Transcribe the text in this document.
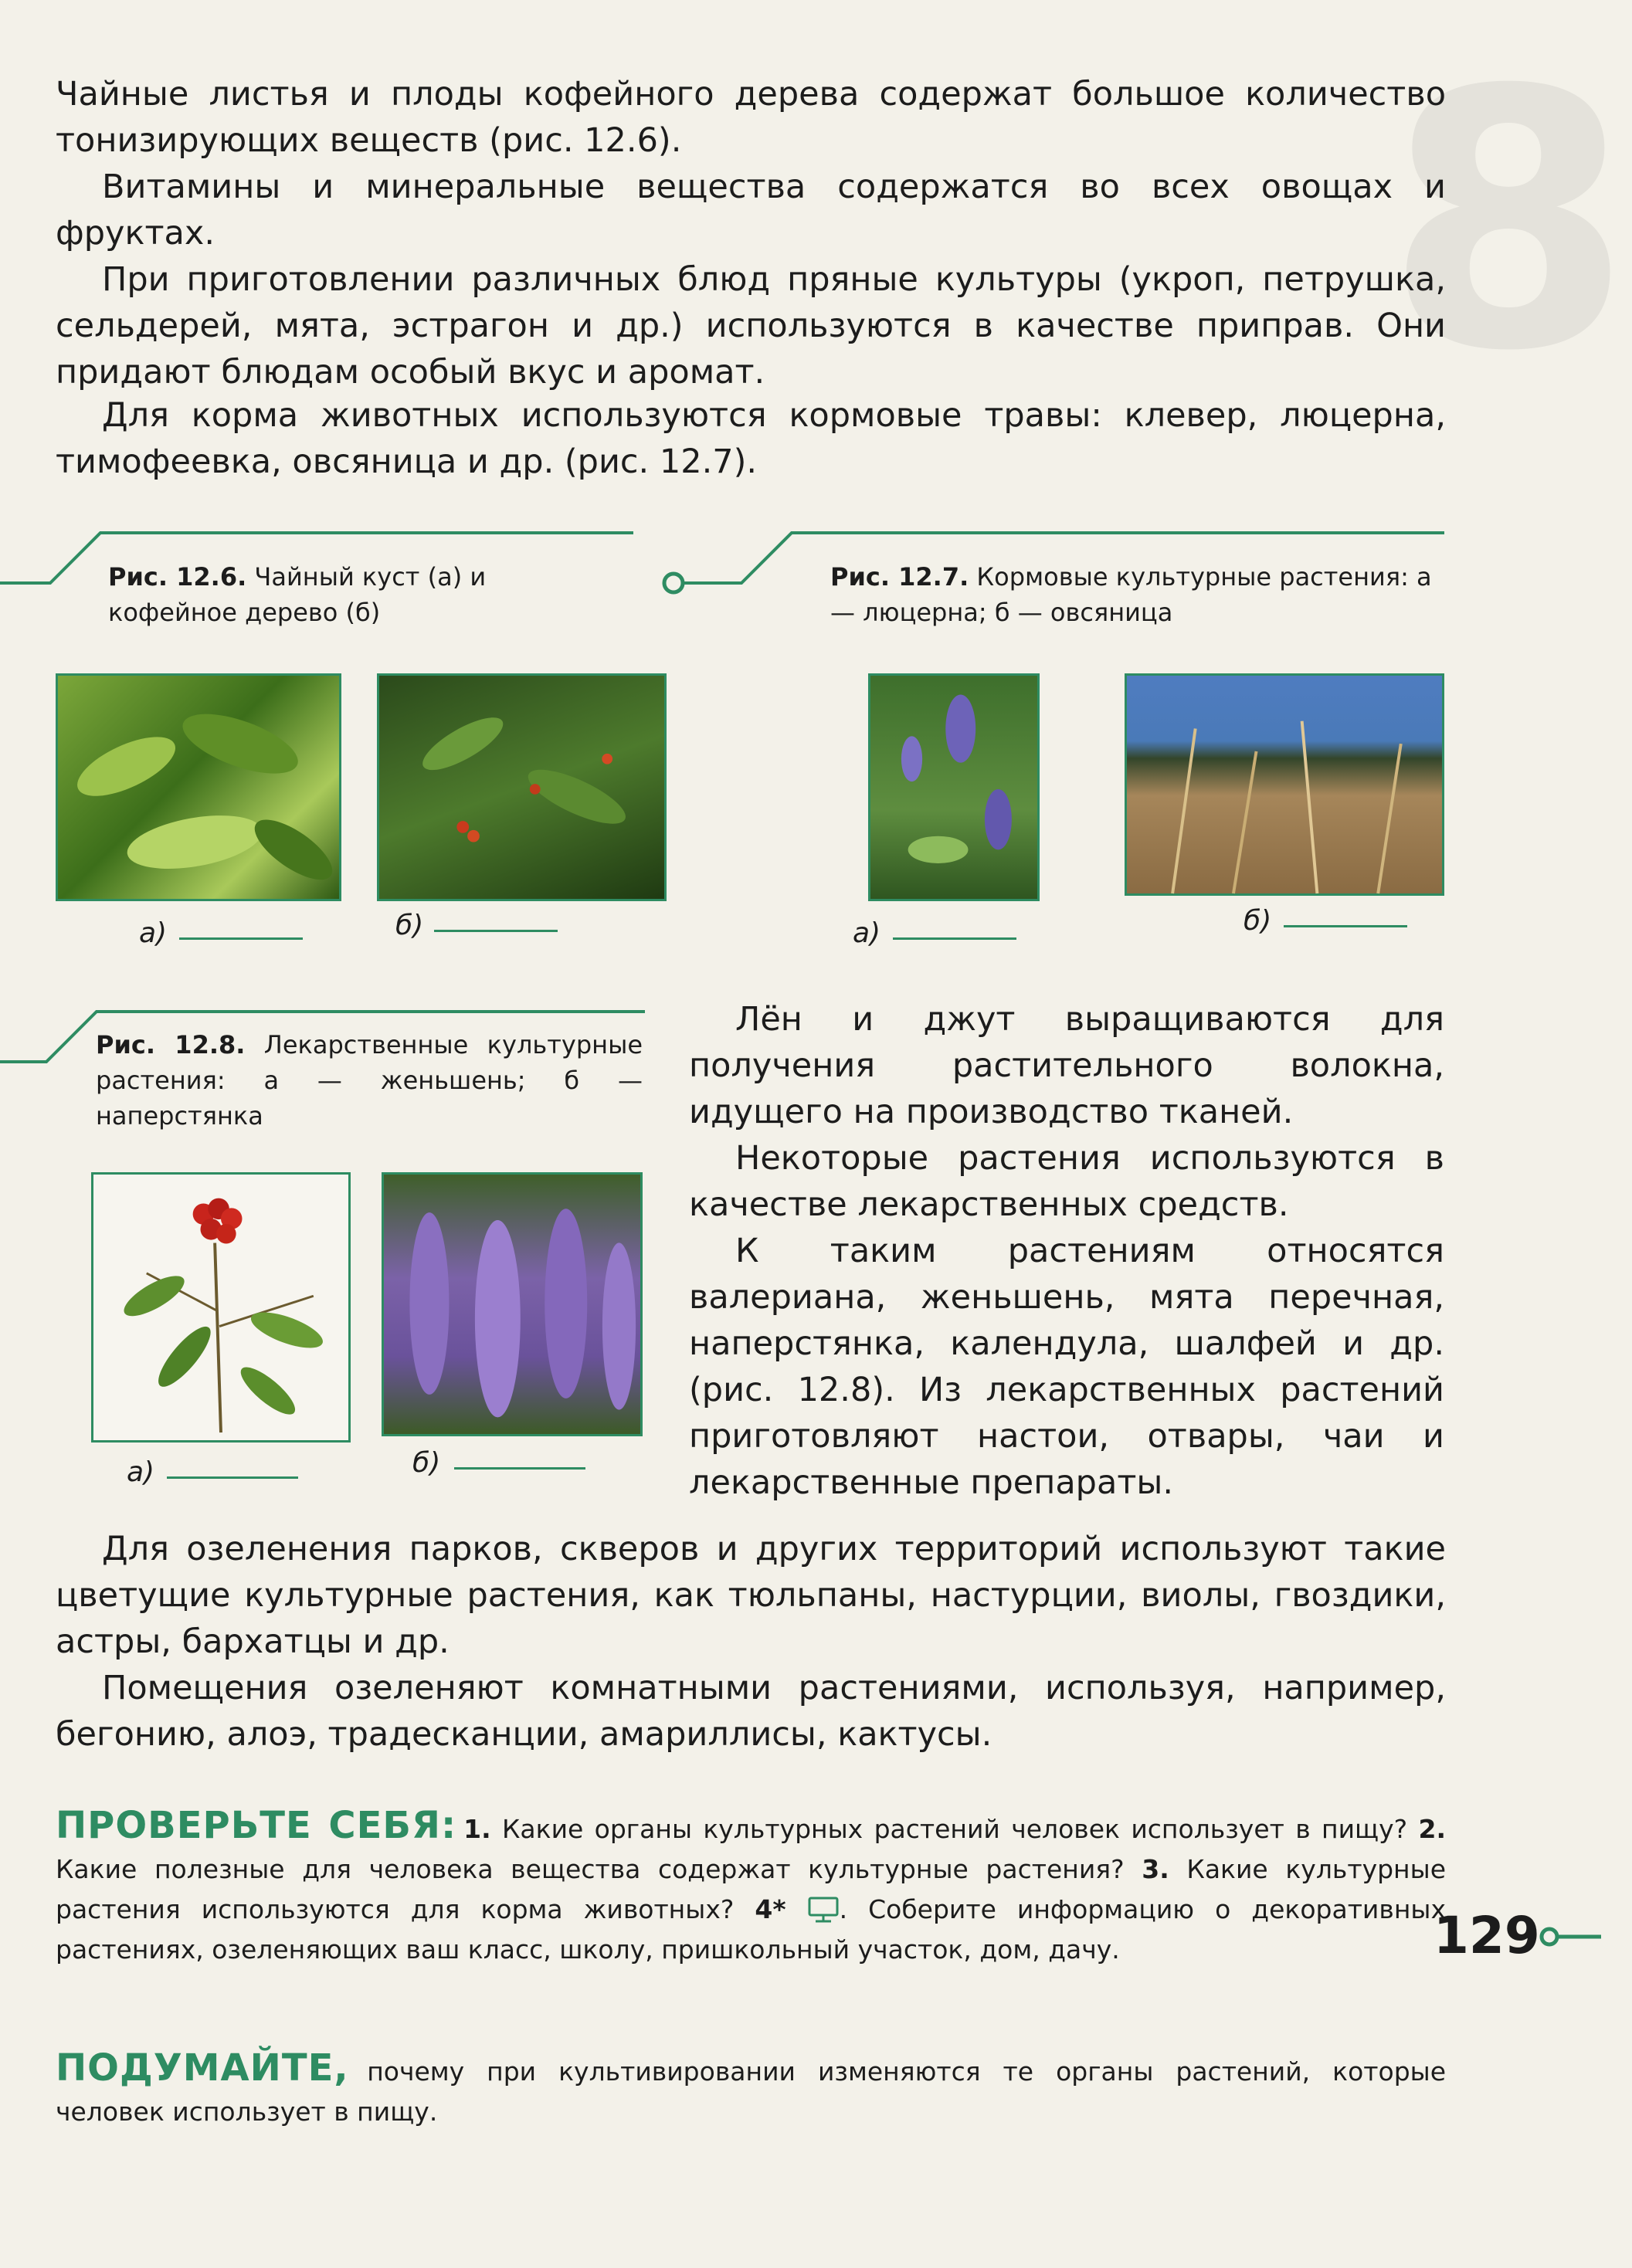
8

Чайные листья и плоды кофейного дерева содержат большое количество тонизирующих веществ (рис. 12.6).

Витамины и минеральные вещества содержатся во всех овощах и фруктах.

При приготовлении различных блюд пряные культуры (укроп, петрушка, сельдерей, мята, эстрагон и др.) используются в качестве приправ. Они придают блюдам особый вкус и аромат.

Для корма животных используются кормовые травы: клевер, люцерна, тимофеевка, овсяница и др. (рис. 12.7).

Рис. 12.6. Чайный куст (а) и кофейное дерево (б)

Рис. 12.7. Кормовые культурные растения: а — люцерна; б — овсяница

а)	б)	а)	б)

Рис. 12.8. Лекарственные культурные растения: а — женьшень; б — наперстянка

Лён и джут выращиваются для получения растительного волокна, идущего на производство тканей.

Некоторые растения используются в качестве лекарственных средств.

К таким растениям относятся валериана, женьшень, мята перечная, наперстянка, календула, шалфей и др. (рис. 12.8). Из лекарственных растений приготовляют настои, отвары, чаи и лекарственные препараты.

а)	б)

Для озеленения парков, скверов и других территорий используют такие цветущие культурные растения, как тюльпаны, настурции, виолы, гвоздики, астры, бархатцы и др.

Помещения озеленяют комнатными растениями, используя, например, бегонию, алоэ, традесканции, амариллисы, кактусы.

ПРОВЕРЬТЕ СЕБЯ: 1. Какие органы культурных растений человек использует в пищу? 2. Какие полезные для человека вещества содержат культурные растения? 3. Какие культурные растения используются для корма животных? 4* . Соберите информацию о декоративных растениях, озеленяющих ваш класс, школу, пришкольный участок, дом, дачу.
ПОДУМАЙТЕ, почему при культивировании изменяются те органы растений, которые человек использует в пищу.
129
